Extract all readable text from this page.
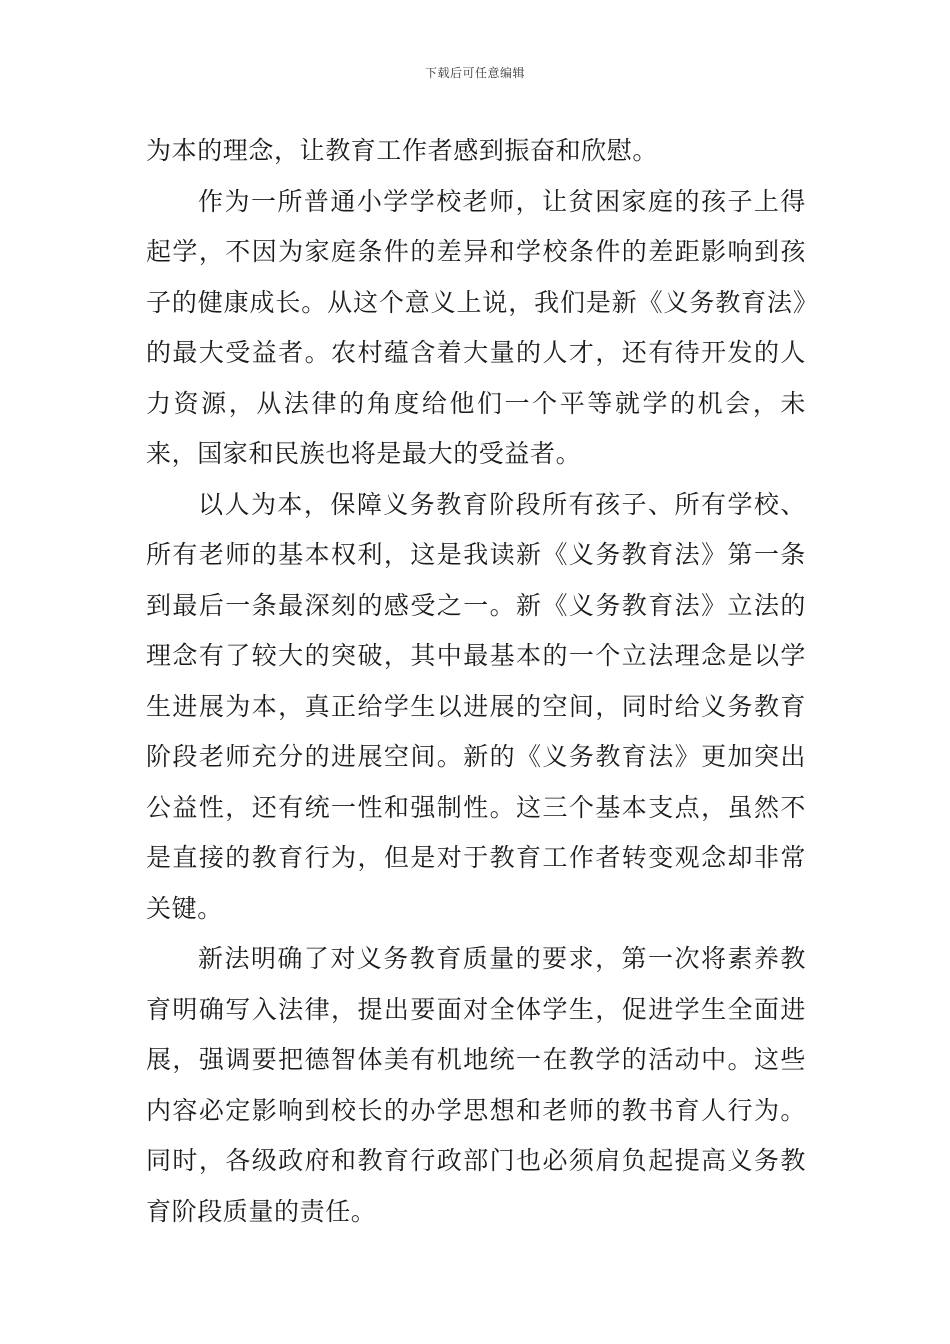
下载后可任意编辑

为本的理念，让教育工作者感到振奋和欣慰。

作为一所普通小学学校老师，让贫困家庭的孩子上得起学，不因为家庭条件的差异和学校条件的差距影响到孩子的健康成长。从这个意义上说，我们是新《义务教育法》的最大受益者。农村蕴含着大量的人才，还有待开发的人力资源，从法律的角度给他们一个平等就学的机会，未来，国家和民族也将是最大的受益者。

以人为本，保障义务教育阶段所有孩子、所有学校、所有老师的基本权利，这是我读新《义务教育法》第一条到最后一条最深刻的感受之一。新《义务教育法》立法的理念有了较大的突破，其中最基本的一个立法理念是以学生进展为本，真正给学生以进展的空间，同时给义务教育阶段老师充分的进展空间。新的《义务教育法》更加突出公益性，还有统一性和强制性。这三个基本支点，虽然不是直接的教育行为，但是对于教育工作者转变观念却非常关键。

新法明确了对义务教育质量的要求，第一次将素养教育明确写入法律，提出要面对全体学生，促进学生全面进展，强调要把德智体美有机地统一在教学的活动中。这些内容必定影响到校长的办学思想和老师的教书育人行为。同时，各级政府和教育行政部门也必须肩负起提高义务教育阶段质量的责任。
